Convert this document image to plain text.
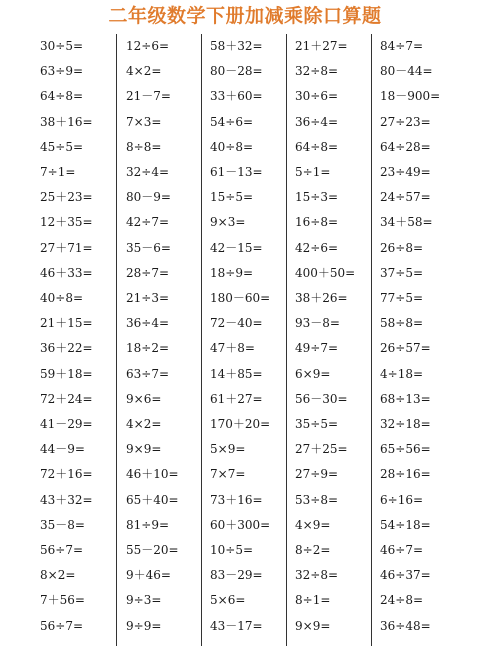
二年级数学下册加减乘除口算题
30÷5=
63÷9=
64÷8=
38＋16=
45÷5=
7÷1=
25＋23=
12＋35=
27＋71=
46＋33=
40÷8=
21＋15=
36＋22=
59＋18=
72＋24=
41－29=
44－9=
72＋16=
43＋32=
35－8=
56÷7=
8×2=
7＋56=
56÷7=
12÷6=
4×2=
21－7=
7×3=
8÷8=
32÷4=
80－9=
42÷7=
35－6=
28÷7=
21÷3=
36÷4=
18÷2=
63÷7=
9×6=
4×2=
9×9=
46＋10=
65＋40=
81÷9=
55－20=
9＋46=
9÷3=
9÷9=
58＋32=
80－28=
33＋60=
54÷6=
40÷8=
61－13=
15÷5=
9×3=
42－15=
18÷9=
180－60=
72－40=
47＋8=
14＋85=
61＋27=
170＋20=
5×9=
7×7=
73＋16=
60＋300=
10÷5=
83－29=
5×6=
43－17=
21＋27=
32÷8=
30÷6=
36÷4=
64÷8=
5÷1=
15÷3=
16÷8=
42÷6=
400＋50=
38＋26=
93－8=
49÷7=
6×9=
56－30=
35÷5=
27＋25=
27÷9=
53÷8=
4×9=
8÷2=
32÷8=
8÷1=
9×9=
84÷7=
80－44=
18－900=
27÷23=
64÷28=
23÷49=
24÷57=
34＋58=
26÷8=
37÷5=
77÷5=
58÷8=
26÷57=
4÷18=
68÷13=
32÷18=
65÷56=
28÷16=
6÷16=
54÷18=
46÷7=
46÷37=
24÷8=
36÷48=
